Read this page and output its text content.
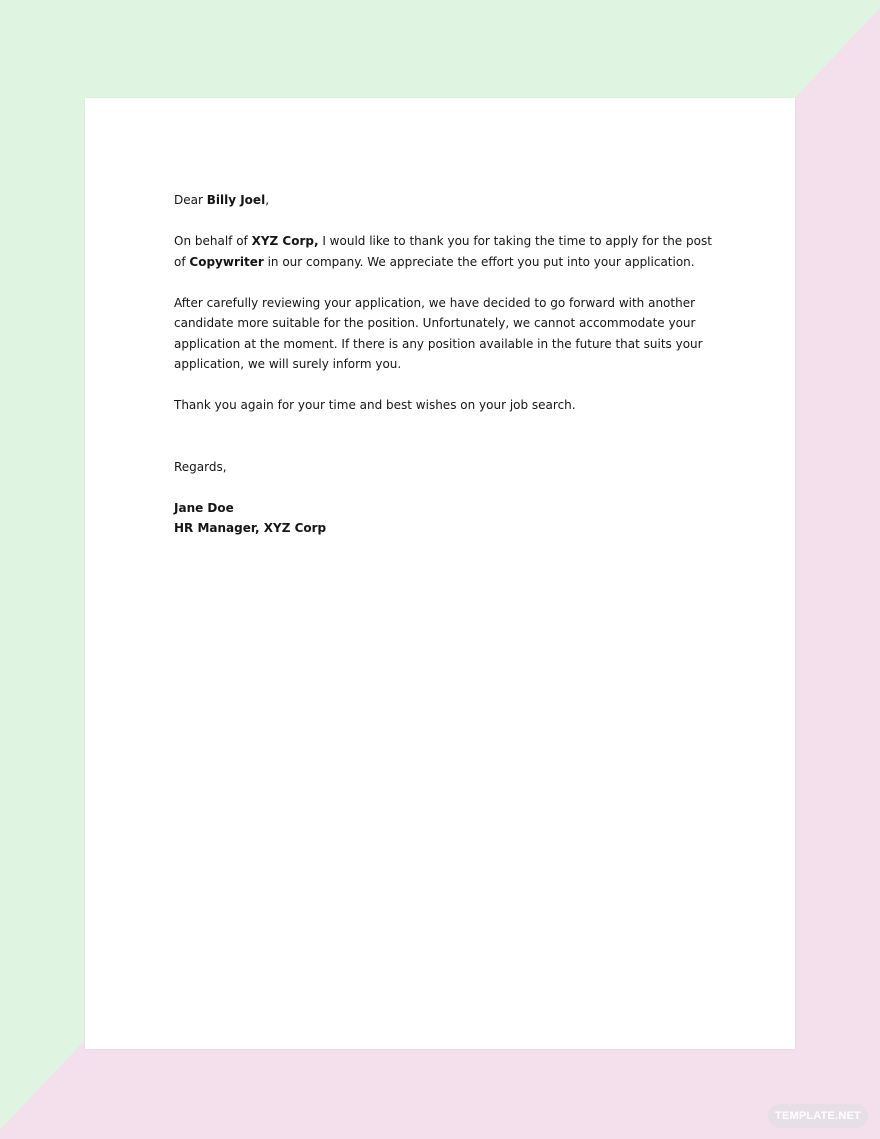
Dear Billy Joel,

On behalf of XYZ Corp, I would like to thank you for taking the time to apply for the post of Copywriter in our company. We appreciate the effort you put into your application.

After carefully reviewing your application, we have decided to go forward with another candidate more suitable for the position. Unfortunately, we cannot accommodate your application at the moment. If there is any position available in the future that suits your application, we will surely inform you.

Thank you again for your time and best wishes on your job search.

Regards,

Jane Doe

HR Manager, XYZ Corp

TEMPLATE.NET
